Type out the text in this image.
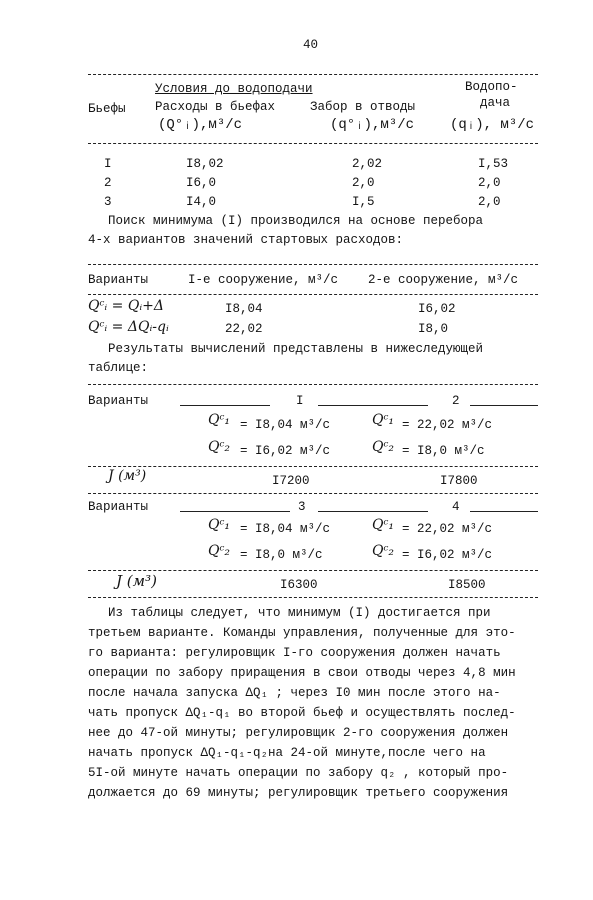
40
Условия до водоподачи	Водопо-
дача
Бьефы Расходы в бьефах	Забор в отводы
(Q°ᵢ),м³/с	(q°ᵢ),м³/с	(qᵢ), м³/с
I	I8,02	2,02	I,53
2	I6,0	2,0	2,0
3	I4,0	I,5	2,0
Поиск минимума (I) производился на основе перебора
4-х вариантов значений стартовых расходов:
Варианты	I-е сооружение, м³/с 2-е сооружение, м³/с
Qᶜᵢ = Qᵢ+Δ	I8,04	I6,02
Qᶜᵢ = ΔQᵢ-qᵢ	22,02	I8,0
Результаты вычислений представлены в нижеследующей
таблице:
Варианты	I	2
Qᶜ₁ = I8,04 м³/с	Qᶜ₁ = 22,02 м³/с
Qᶜ₂ = I6,02 м³/с	Qᶜ₂ = I8,0 м³/с
J (м³)	I7200	I7800
Варианты	3	4
Qᶜ₁ = I8,04 м³/с	Qᶜ₁ = 22,02 м³/с
Qᶜ₂ = I8,0 м³/с	Qᶜ₂ = I6,02 м³/с
J (м³)	I6300	I8500
Из таблицы следует, что минимум (I) достигается при
третьем варианте. Команды управления, полученные для это-
го варианта: регулировщик I-го сооружения должен начать
операции по забору приращения в свои отводы через 4,8 мин
после начала запуска ΔQ₁ ; через I0 мин после этого на-
чать пропуск ΔQ₁-q₁ во второй бьеф и осуществлять послед-
нее до 47-ой минуты; регулировщик 2-го сооружения должен
начать пропуск ΔQ₁-q₁-q₂на 24-ой минуте,после чего на
5I-ой минуте начать операции по забору q₂ , который про-
должается до 69 минуты; регулировщик третьего сооружения
